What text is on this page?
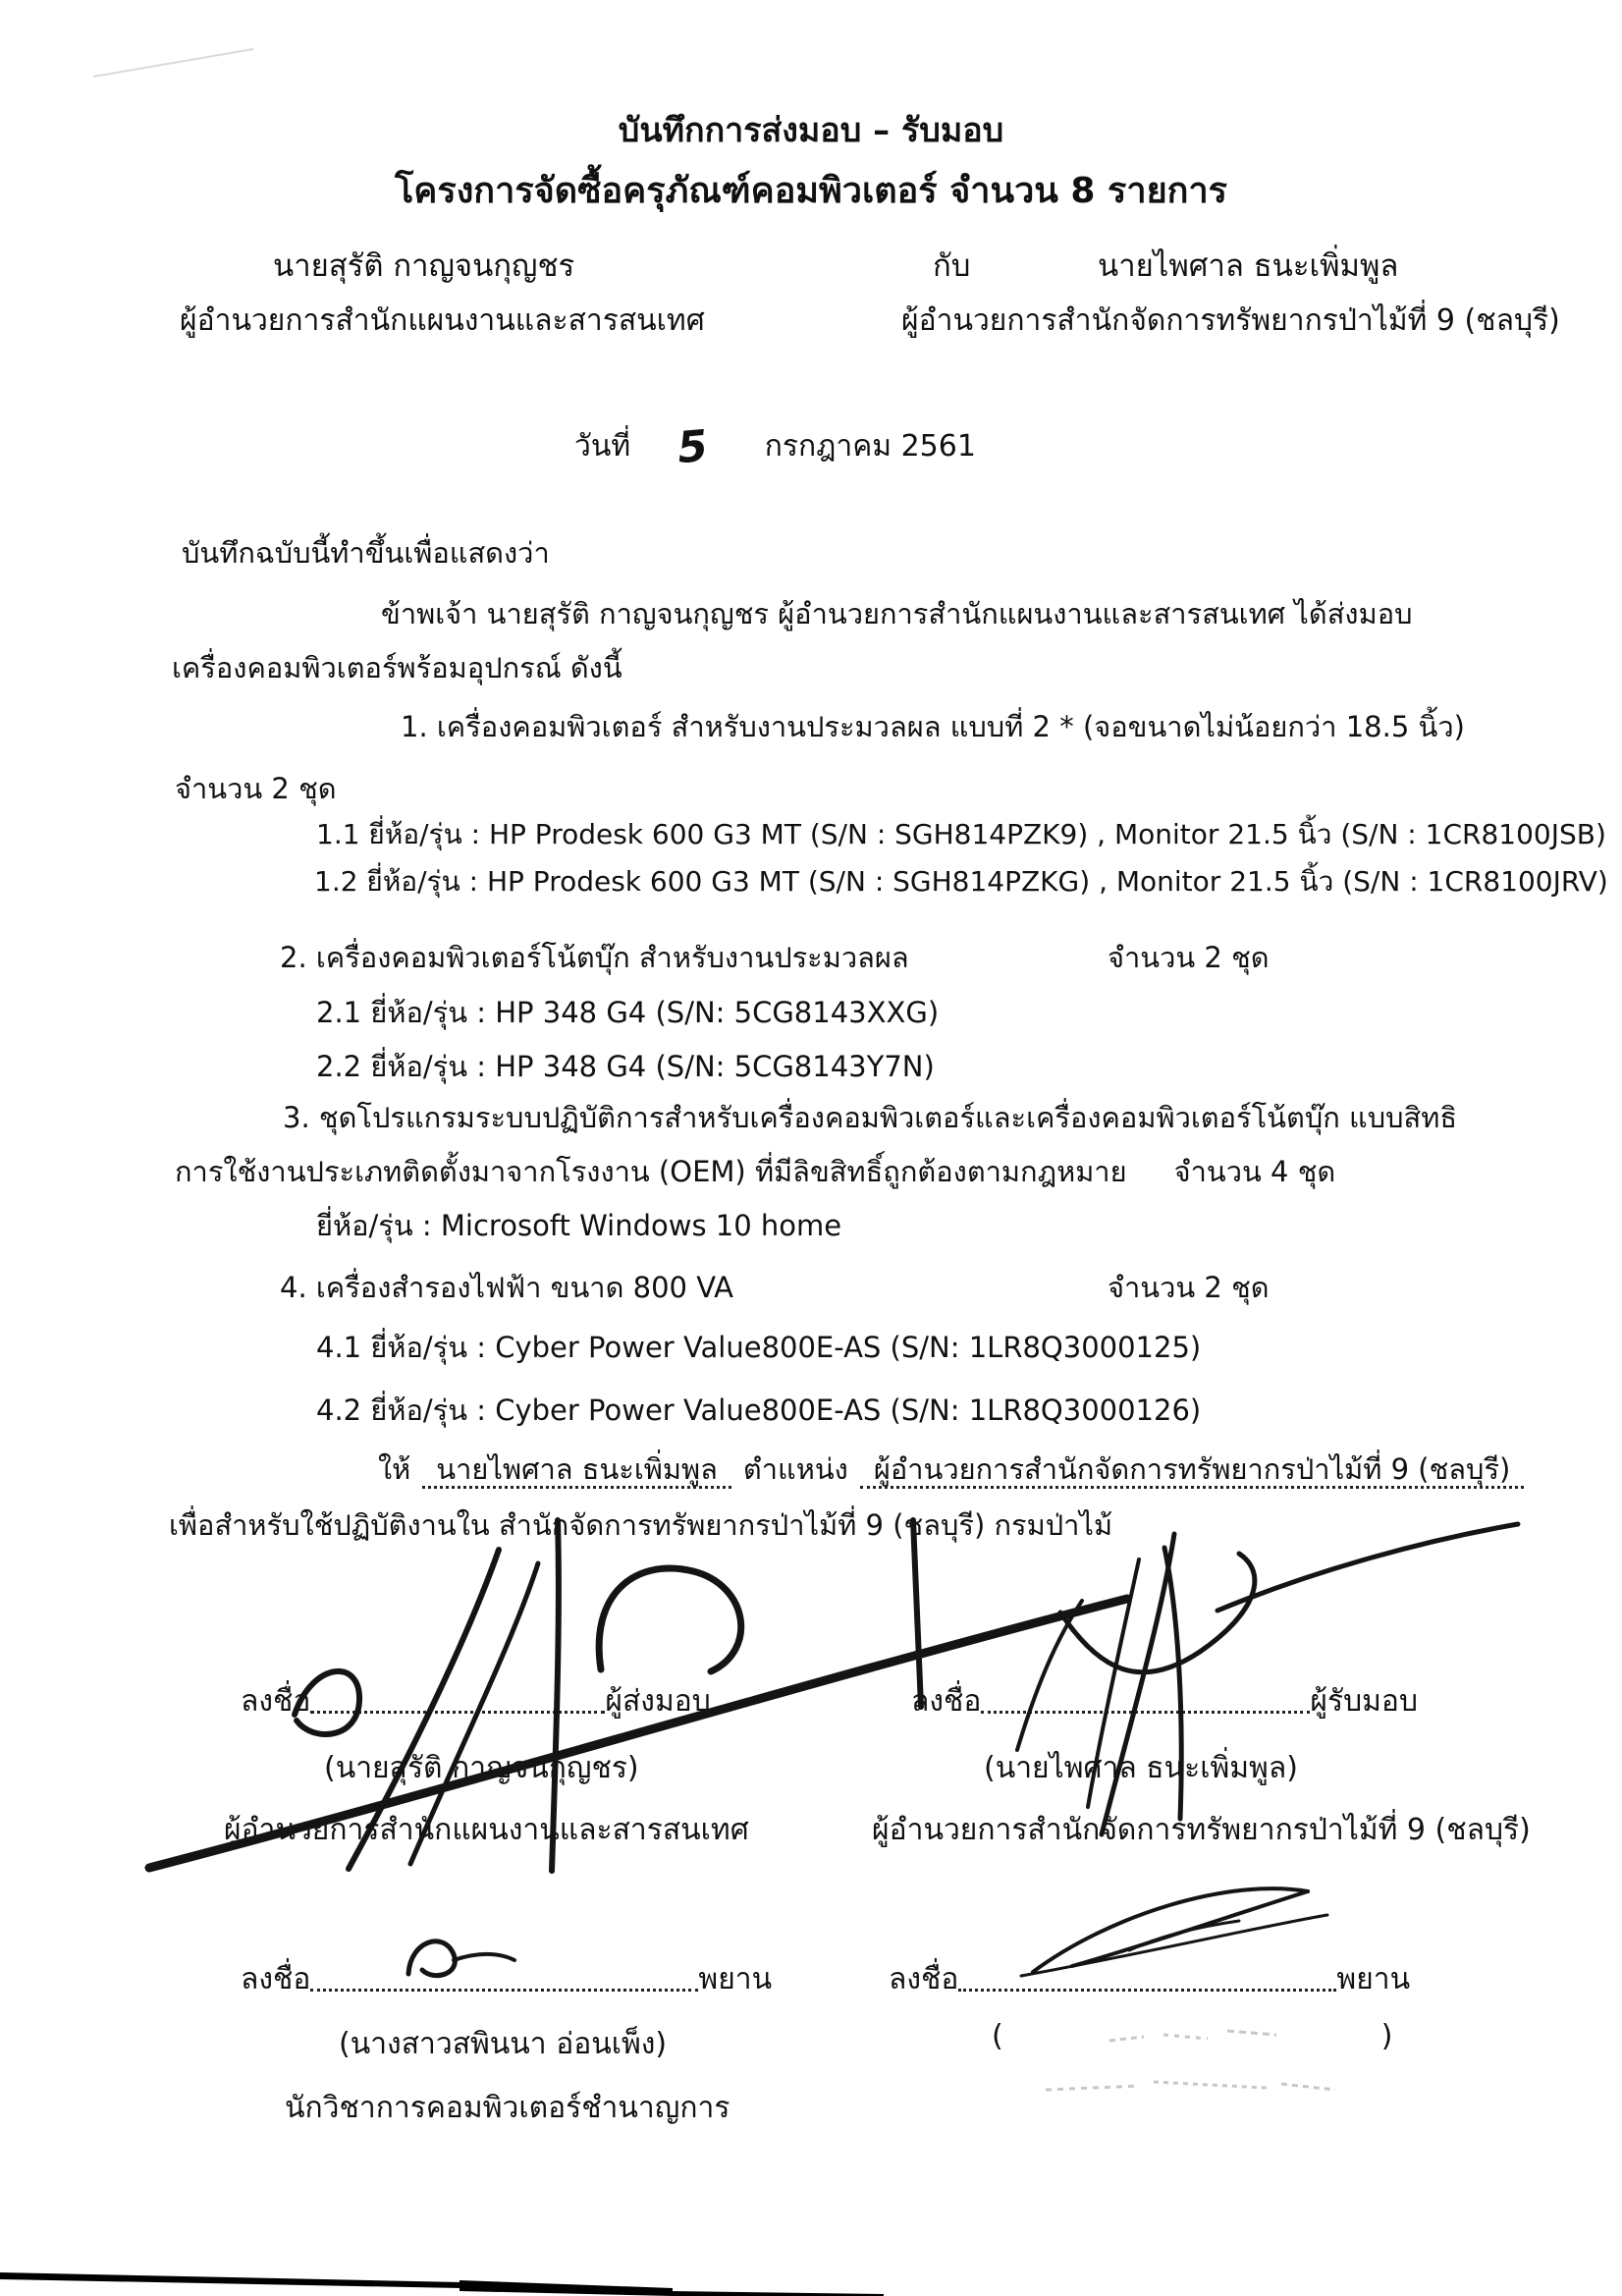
บันทึกการส่งมอบ – รับมอบ
โครงการจัดซื้อครุภัณฑ์คอมพิวเตอร์ จำนวน 8 รายการ
นายสุรัติ กาญจนกุญชร	กับ	นายไพศาล ธนะเพิ่มพูล
ผู้อำนวยการสำนักแผนงานและสารสนเทศ	ผู้อำนวยการสำนักจัดการทรัพยากรป่าไม้ที่ 9 (ชลบุรี)
วันที่ 5 กรกฎาคม 2561
บันทึกฉบับนี้ทำขึ้นเพื่อแสดงว่า
ข้าพเจ้า นายสุรัติ กาญจนกุญชร ผู้อำนวยการสำนักแผนงานและสารสนเทศ ได้ส่งมอบ
เครื่องคอมพิวเตอร์พร้อมอุปกรณ์ ดังนี้
1. เครื่องคอมพิวเตอร์ สำหรับงานประมวลผล แบบที่ 2 * (จอขนาดไม่น้อยกว่า 18.5 นิ้ว)
จำนวน 2 ชุด
1.1 ยี่ห้อ/รุ่น : HP Prodesk 600 G3 MT (S/N : SGH814PZK9) , Monitor 21.5 นิ้ว (S/N : 1CR8100JSB)
1.2 ยี่ห้อ/รุ่น : HP Prodesk 600 G3 MT (S/N : SGH814PZKG) , Monitor 21.5 นิ้ว (S/N : 1CR8100JRV)
2. เครื่องคอมพิวเตอร์โน้ตบุ๊ก สำหรับงานประมวลผล	จำนวน 2 ชุด
2.1 ยี่ห้อ/รุ่น : HP 348 G4 (S/N: 5CG8143XXG)
2.2 ยี่ห้อ/รุ่น : HP 348 G4 (S/N: 5CG8143Y7N)
3. ชุดโปรแกรมระบบปฏิบัติการสำหรับเครื่องคอมพิวเตอร์และเครื่องคอมพิวเตอร์โน้ตบุ๊ก แบบสิทธิ
การใช้งานประเภทติดตั้งมาจากโรงงาน (OEM) ที่มีลิขสิทธิ์ถูกต้องตามกฎหมาย จำนวน 4 ชุด
ยี่ห้อ/รุ่น : Microsoft Windows 10 home
4. เครื่องสำรองไฟฟ้า ขนาด 800 VA	จำนวน 2 ชุด
4.1 ยี่ห้อ/รุ่น : Cyber Power Value800E-AS (S/N: 1LR8Q3000125)
4.2 ยี่ห้อ/รุ่น : Cyber Power Value800E-AS (S/N: 1LR8Q3000126)
ให้ นายไพศาล ธนะเพิ่มพูล ตำแหน่ง ผู้อำนวยการสำนักจัดการทรัพยากรป่าไม้ที่ 9 (ชลบุรี)
เพื่อสำหรับใช้ปฏิบัติงานใน สำนักจัดการทรัพยากรป่าไม้ที่ 9 (ชลบุรี) กรมป่าไม้
ลงชื่อ	ผู้ส่งมอบ
(นายสุรัติ กาญจนกุญชร)
ผู้อำนวยการสำนักแผนงานและสารสนเทศ
ลงชื่อ	ผู้รับมอบ
(นายไพศาล ธนะเพิ่มพูล)
ผู้อำนวยการสำนักจัดการทรัพยากรป่าไม้ที่ 9 (ชลบุรี)
ลงชื่อ	พยาน
(นางสาวสพินนา อ่อนเพ็ง)
นักวิชาการคอมพิวเตอร์ชำนาญการ
ลงชื่อ	พยาน
(	)
